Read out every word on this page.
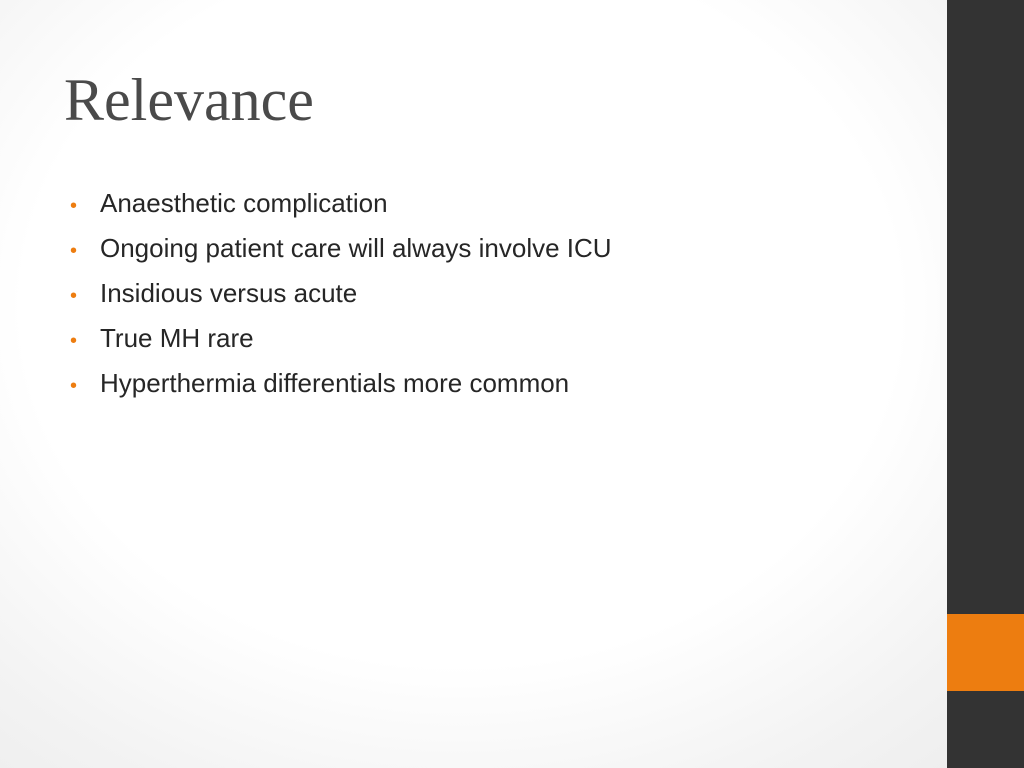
Relevance
• Anaesthetic complication
• Ongoing patient care will always involve ICU
• Insidious versus acute
• True MH rare
• Hyperthermia differentials more common
